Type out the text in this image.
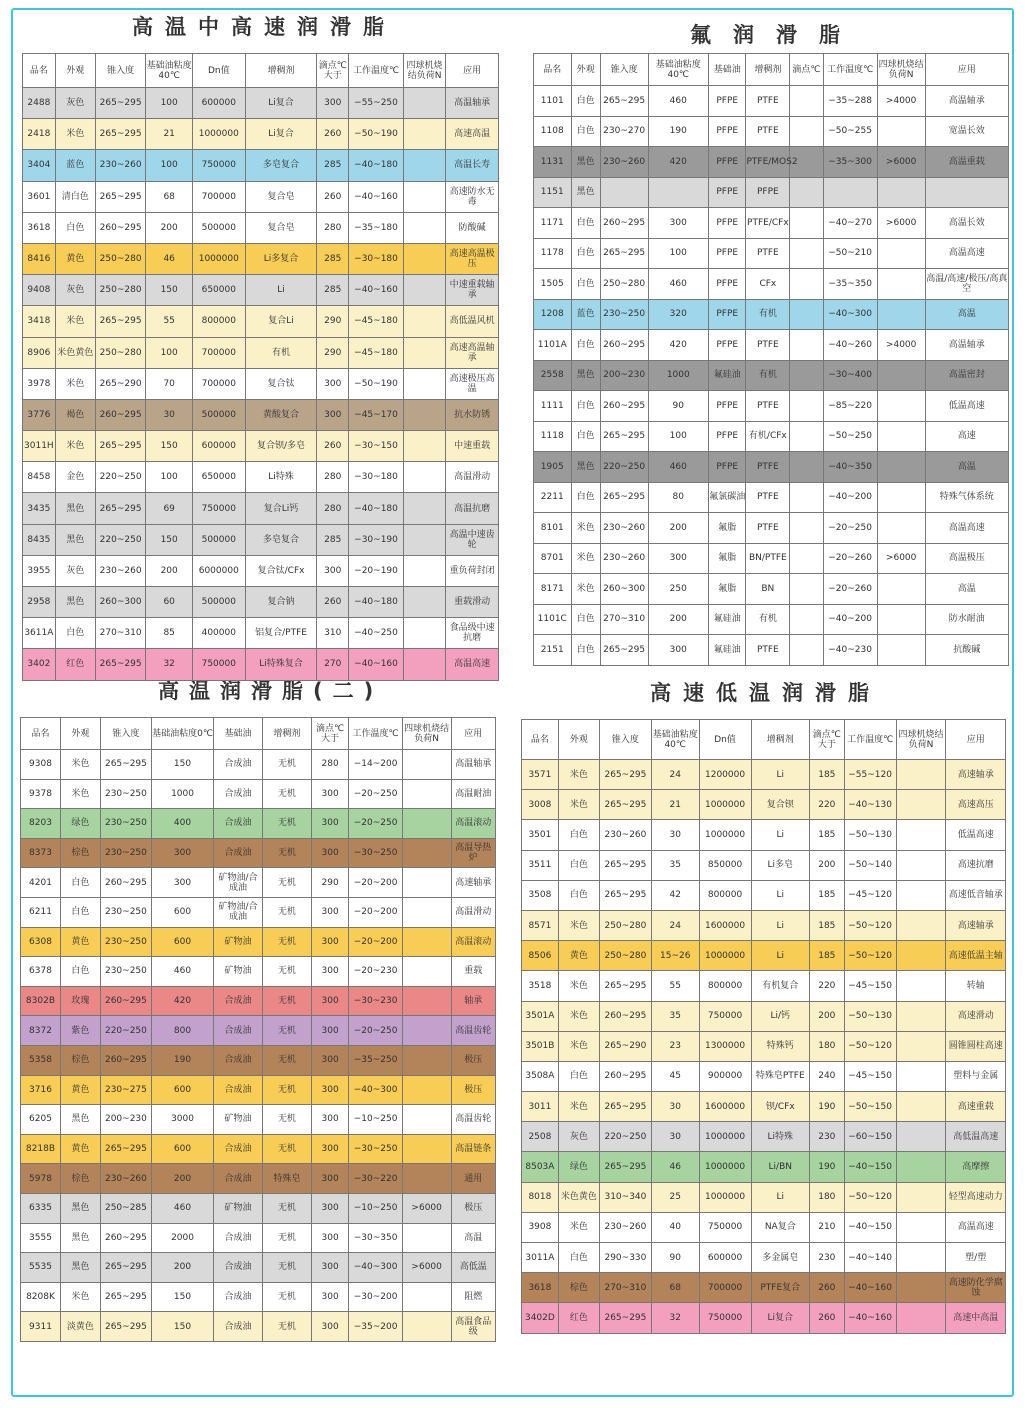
高温中高速润滑脂	氟润滑脂
高温润滑脂(二)	高速低温润滑脂
品名	外观	锥入度	基础油粘度40℃	Dn值	增稠剂	滴点℃大于	工作温度℃	四球机烧结负荷N	应用
2488	灰色	265~295	100	600000	Li复合	300	−55~250		高温轴承
2418	米色	265~295	21	1000000	Li复合	260	−50~190		高速高温
3404	蓝色	230~260	100	750000	多皂复合	285	−40~180		高温长寿
3601	清白色	265~295	68	700000	复合皂	260	−40~160		高速防水无毒
3618	白色	260~295	200	500000	复合皂	280	−35~180		防酸碱
8416	黄色	250~280	46	1000000	Li多复合	285	−30~180		高速高温极压
9408	灰色	250~280	150	650000	Li	285	−40~160		中速重载轴承
3418	米色	265~295	55	800000	复合Li	290	−45~180		高低温风机
8906	米色黄色	250~280	100	700000	有机	290	−45~180		高速高温轴承
3978	米色	265~290	70	700000	复合钛	300	−50~190		高速极压高温
3776	褐色	260~295	30	500000	黄酸复合	300	−45~170		抗水防锈
3011H	米色	265~295	150	600000	复合钡/多皂	260	−30~150		中速重载
8458	金色	220~250	100	650000	Li特殊	280	−30~180		高温滑动
3435	黑色	265~295	69	750000	复合Li钙	280	−40~180		高温抗磨
8435	黑色	220~250	150	500000	多皂复合	285	−30~190		高温中速齿轮
3955	灰色	230~260	200	6000000	复合钛/CFx	300	−20~190		重负荷封闭
2958	黑色	260~300	60	500000	复合钠	260	−40~180		重载滑动
3611A	白色	270~310	85	400000	铝复合/PTFE	310	−40~250		食品级中速抗磨
3402	红色	265~295	32	750000	Li特殊复合	270	−40~160		高温高速
品名	外观	锥入度	基础油粘度40℃	基础油	增稠剂	滴点℃	工作温度℃	四球机烧结负荷N	应用
1101	白色	265~295	460	PFPE	PTFE		−35~288	>4000	高温轴承
1108	白色	230~270	190	PFPE	PTFE		−50~255		宽温长效
1131	黑色	230~260	420	PFPE	PTFE/MOS2		−35~300	>6000	高温重载
1151	黑色			PFPE	PFPE				
1171	白色	260~295	300	PFPE	PTFE/CFx		−40~270	>6000	高温长效
1178	白色	265~295	100	PFPE	PTFE		−50~210		高温高速
1505	白色	250~280	460	PFPE	CFx		−35~350		高温/高速/极压/高真空
1208	蓝色	230~250	320	PFPE	有机		−40~300		高温
1101A	白色	260~295	420	PFPE	PTFE		−40~260	>4000	高温轴承
2558	黑色	200~230	1000	氟硅油	有机		−30~400		高温密封
1111	白色	260~295	90	PFPE	PTFE		−85~220		低温高速
1118	白色	265~295	100	PFPE	有机/CFx		−50~250		高速
1905	黑色	220~250	460	PFPE	PTFE		−40~350		高温
2211	白色	265~295	80	氟氯碳油	PTFE		−40~200		特殊气体系统
8101	米色	230~260	200	氟脂	PTFE		−20~250		高温高速
8701	米色	230~260	300	氟脂	BN/PTFE		−20~260	>6000	高温极压
8171	米色	260~300	250	氟脂	BN		−20~260		高温
1101C	白色	270~310	200	氟硅油	有机		−40~200		防水耐油
2151	白色	265~295	300	氟硅油	PTFE		−40~230		抗酸碱
品名	外观	锥入度	基础油粘度0℃	基础油	增稠剂	滴点℃大于	工作温度℃	四球机烧结负荷N	应用
9308	米色	265~295	150	合成油	无机	280	−14~200		高温轴承
9378	米色	230~250	1000	合成油	无机	300	−20~250		高温耐油
8203	绿色	230~250	400	合成油	无机	300	−20~250		高温滚动
8373	棕色	230~250	300	合成油	无机	300	−30~250		高温导热炉
4201	白色	260~295	300	矿物油/合成油	无机	290	−20~200		高速轴承
6211	白色	230~250	600	矿物油/合成油	无机	300	−20~200		高温滑动
6308	黄色	230~250	600	矿物油	无机	300	−20~200		高温滚动
6378	白色	230~250	460	矿物油	无机	300	−20~230		重载
8302B	玫瑰	260~295	420	合成油	无机	300	−30~230		轴承
8372	紫色	220~250	800	合成油	无机	300	−20~250		高温齿轮
5358	棕色	260~295	190	合成油	无机	300	−35~250		极压
3716	黄色	230~275	600	合成油	无机	300	−40~300		极压
6205	黑色	200~230	3000	矿物油	无机	300	−10~250		高温齿轮
8218B	黄色	265~295	600	合成油	无机	300	−30~250		高温链条
5978	棕色	230~260	200	合成油	特殊皂	300	−30~220		通用
6335	黑色	250~285	460	矿物油	无机	300	−10~250	>6000	极压
3555	黑色	260~295	2000	合成油	无机	300	−30~350		高温
5535	黑色	265~295	200	合成油	无机	300	−40~300	>6000	高低温
8208K	米色	265~295	150	合成油	无机	300	−30~200		阻燃
9311	淡黄色	265~295	150	合成油	无机	300	−35~200		高温食品级
品名	外观	锥入度	基础油粘度40℃	Dn值	增稠剂	滴点℃大于	工作温度℃	四球机烧结负荷N	应用
3571	米色	265~295	24	1200000	Li	185	−55~120		高速轴承
3008	米色	265~295	21	1000000	复合钡	220	−40~130		高速高压
3501	白色	230~260	30	1000000	Li	185	−50~130		低温高速
3511	白色	265~295	35	850000	Li多皂	200	−50~140		高速抗磨
3508	白色	265~295	42	800000	Li	185	−45~120		高速低音轴承
8571	米色	250~280	24	1600000	Li	185	−50~120		高速轴承
8506	黄色	250~280	15~26	1000000	Li	185	−50~120		高速低温主轴
3518	米色	265~295	55	800000	有机复合	220	−45~150		转轴
3501A	米色	260~295	35	750000	Li/钙	200	−50~130		高速滑动
3501B	米色	265~290	23	1300000	特殊钙	180	−50~120		圆锥圆柱高速
3508A	白色	260~295	45	900000	特殊皂PTFE	240	−45~150		塑料与金属
3011	米色	265~295	30	1600000	钡/CFx	190	−50~150		高速重载
2508	灰色	220~250	30	1000000	Li特殊	230	−60~150		高低温高速
8503A	绿色	265~295	46	1000000	Li/BN	190	−40~150		高摩擦
8018	米色黄色	310~340	25	1000000	Li	180	−50~120		轻型高速动力
3908	米色	230~260	40	750000	NA复合	210	−40~150		高温高速
3011A	白色	290~330	90	600000	多金属皂	230	−40~140		塑/塑
3618	棕色	270~310	68	700000	PTFE复合	260	−40~160		高速防化学腐蚀
3402D	红色	265~295	32	750000	Li复合	260	−40~160		高速中高温
